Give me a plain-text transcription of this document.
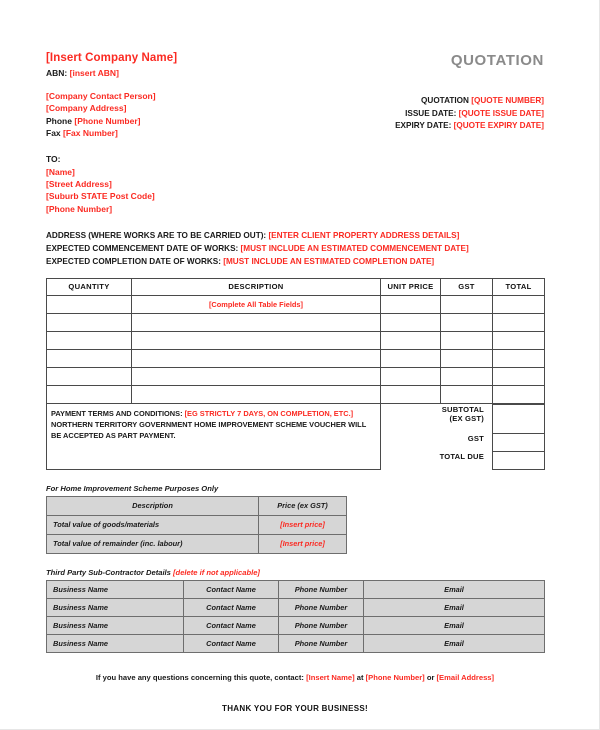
[Insert Company Name]
ABN: [insert ABN]
[Company Contact Person]
[Company Address]
Phone [Phone Number]
Fax [Fax Number]
QUOTATION
QUOTATION [QUOTE NUMBER]
ISSUE DATE: [QUOTE ISSUE DATE]
EXPIRY DATE: [QUOTE EXPIRY DATE]
TO:
[Name]
[Street Address]
[Suburb STATE Post Code]
[Phone Number]
ADDRESS (WHERE WORKS ARE TO BE CARRIED OUT): [ENTER CLIENT PROPERTY ADDRESS DETAILS]
EXPECTED COMMENCEMENT DATE OF WORKS: [MUST INCLUDE AN ESTIMATED COMMENCEMENT DATE]
EXPECTED COMPLETION DATE OF WORKS: [MUST INCLUDE AN ESTIMATED COMPLETION DATE]
QUANTITY	DESCRIPTION	UNIT PRICE	GST	TOTAL
	[Complete All Table Fields]			

PAYMENT TERMS AND CONDITIONS: [EG STRICTLY 7 DAYS, ON COMPLETION, ETC.]
NORTHERN TERRITORY GOVERNMENT HOME IMPROVEMENT SCHEME VOUCHER WILL
BE ACCEPTED AS PART PAYMENT.

SUBTOTAL
(EX GST)

	GST	
	TOTAL DUE	
For Home Improvement Scheme Purposes Only
Description	Price (ex GST)
Total value of goods/materials	[Insert price]
Total value of remainder (inc. labour)	[Insert price]
Third Party Sub-Contractor Details [delete if not applicable]
Business Name	Contact Name	Phone Number	Email
Business Name	Contact Name	Phone Number	Email
Business Name	Contact Name	Phone Number	Email
Business Name	Contact Name	Phone Number	Email
If you have any questions concerning this quote, contact: [Insert Name] at [Phone Number] or [Email Address]
THANK YOU FOR YOUR BUSINESS!
